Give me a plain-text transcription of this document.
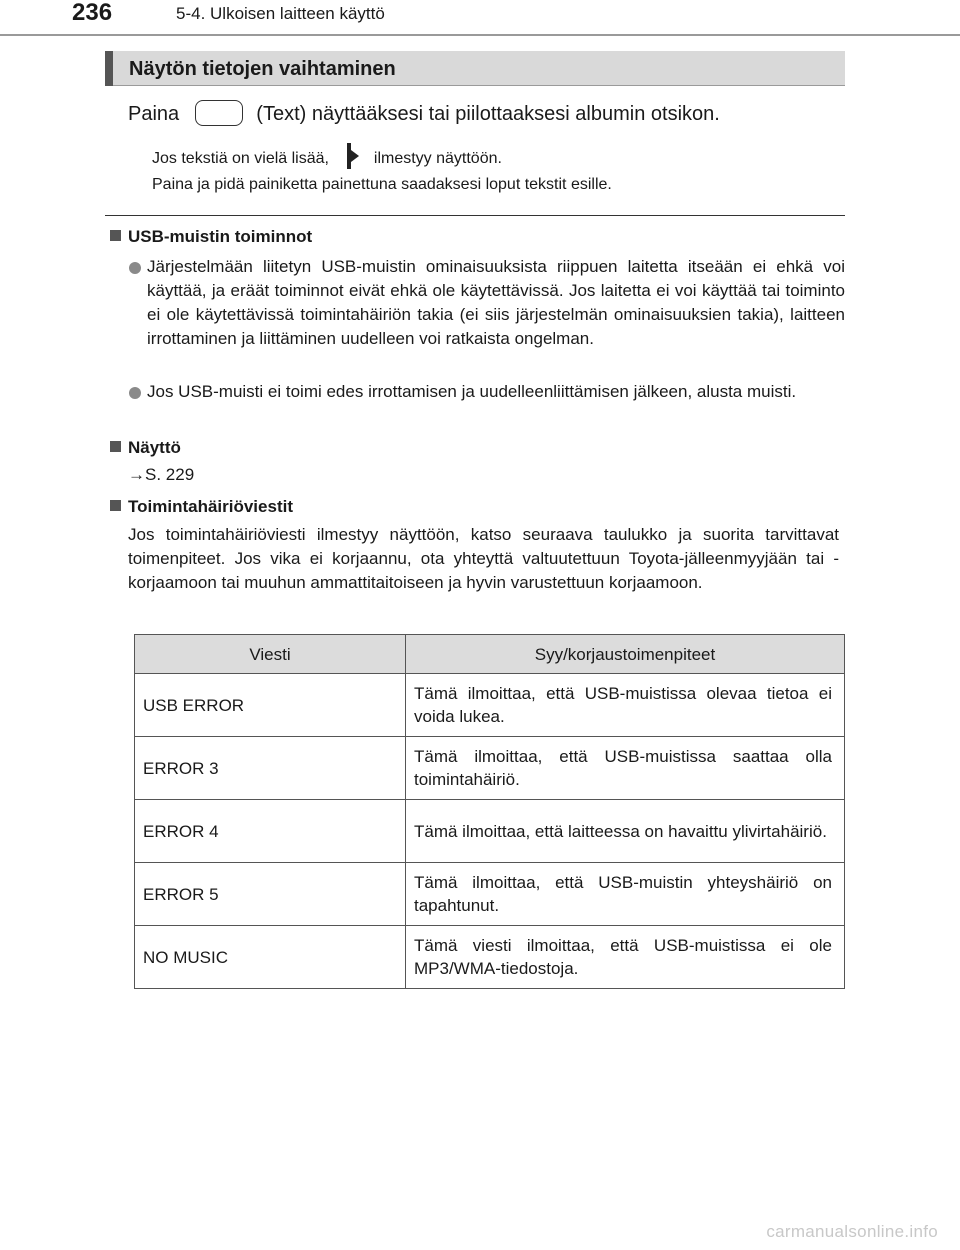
236	5-4. Ulkoisen laitteen käyttö
Näytön tietojen vaihtaminen
Paina	(Text) näyttääksesi tai piilottaaksesi albumin otsikon.
Jos tekstiä on vielä lisää,	ilmestyy näyttöön.
Paina ja pidä painiketta painettuna saadaksesi loput tekstit esille.
USB-muistin toiminnot
Järjestelmään liitetyn USB-muistin ominaisuuksista riippuen laitetta itseään ei ehkä voi käyttää, ja eräät toiminnot eivät ehkä ole käytettävissä. Jos laitetta ei voi käyttää tai toiminto ei ole käytettävissä toimintahäiriön takia (ei siis järjestelmän ominaisuuksien takia), laitteen irrottaminen ja liittäminen uudelleen voi ratkaista ongelman.
Jos USB-muisti ei toimi edes irrottamisen ja uudelleenliittämisen jälkeen, alusta muisti.
Näyttö
→S. 229
Toimintahäiriöviestit
Jos toimintahäiriöviesti ilmestyy näyttöön, katso seuraava taulukko ja suorita tarvittavat toimenpiteet. Jos vika ei korjaannu, ota yhteyttä valtuutettuun Toyota-jälleenmyyjään tai -korjaamoon tai muuhun ammattitaitoiseen ja hyvin varustettuun korjaamoon.
Viesti	Syy/korjaustoimenpiteet
USB ERROR	Tämä ilmoittaa, että USB-muistissa olevaa tietoa ei voida lukea.
ERROR 3	Tämä ilmoittaa, että USB-muistissa saattaa olla toimintahäiriö.
ERROR 4	Tämä ilmoittaa, että laitteessa on havaittu ylivirtahäiriö.
ERROR 5	Tämä ilmoittaa, että USB-muistin yhteyshäiriö on tapahtunut.
NO MUSIC	Tämä viesti ilmoittaa, että USB-muistissa ei ole MP3/WMA-tiedostoja.
carmanualsonline.info
